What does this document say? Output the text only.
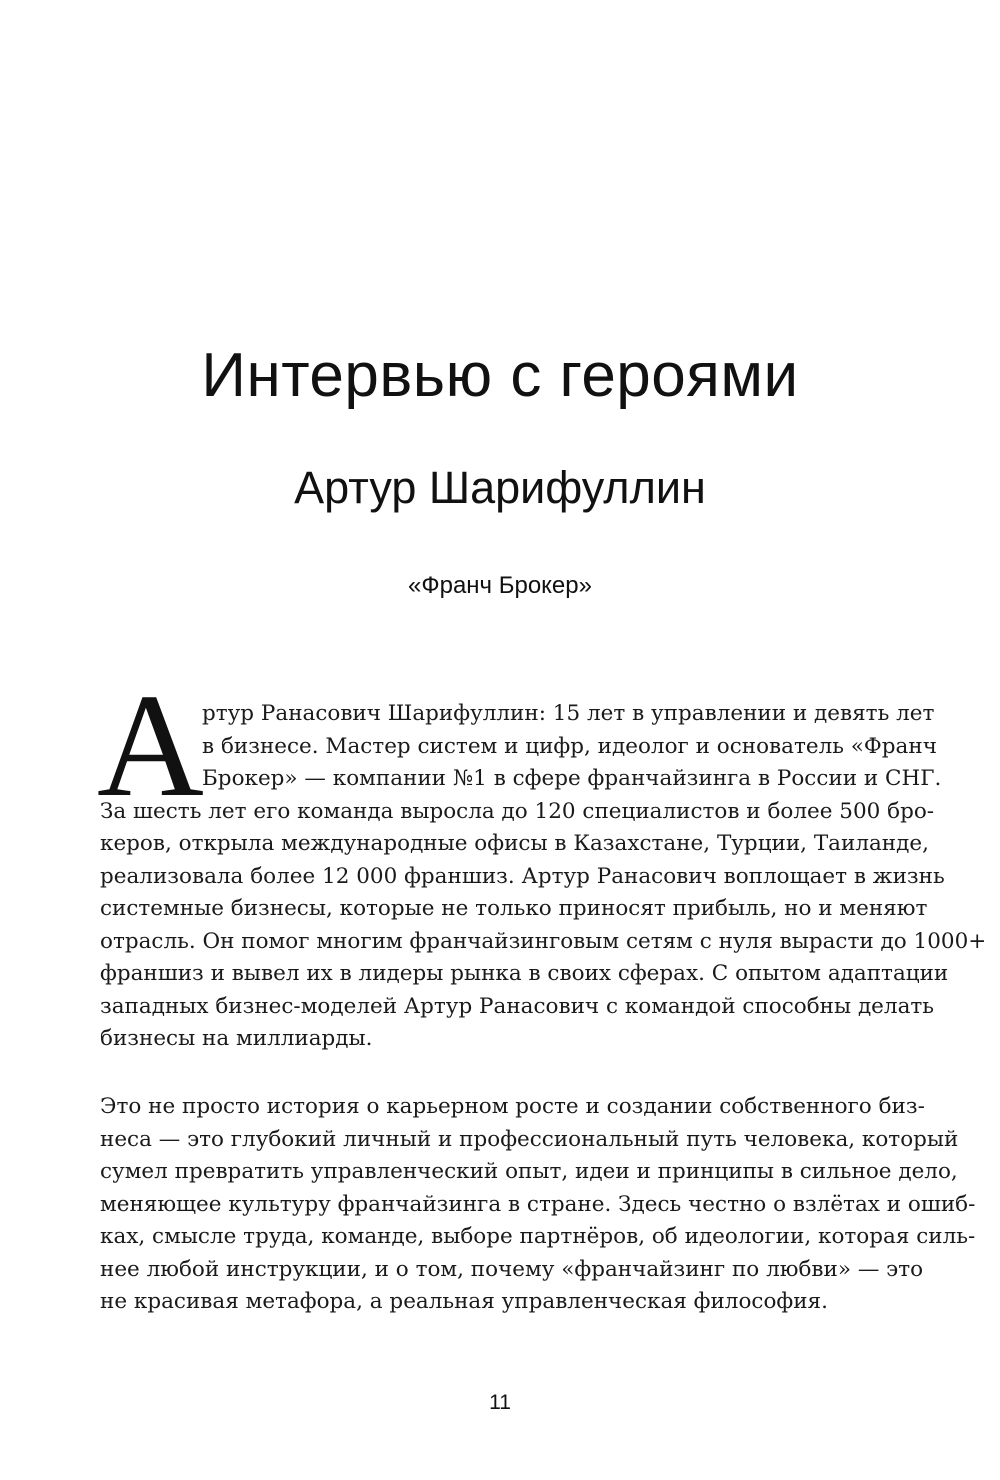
Интервью с героями
Артур Шарифуллин
«Франч Брокер»
А
ртур Ранасович Шарифуллин: 15 лет в управлении и девять лет
в бизнесе. Мастер систем и цифр, идеолог и основатель «Франч
Брокер» — компании №1 в сфере франчайзинга в России и СНГ.
За шесть лет его команда выросла до 120 специалистов и более 500 бро-
керов, открыла международные офисы в Казахстане, Турции, Таиланде,
реализовала более 12 000 франшиз. Артур Ранасович воплощает в жизнь
системные бизнесы, которые не только приносят прибыль, но и меняют
отрасль. Он помог многим франчайзинговым сетям с нуля вырасти до 1000+
франшиз и вывел их в лидеры рынка в своих сферах. С опытом адаптации
западных бизнес-моделей Артур Ранасович с командой способны делать
бизнесы на миллиарды.
Это не просто история о карьерном росте и создании собственного биз-
неса — это глубокий личный и профессиональный путь человека, который
сумел превратить управленческий опыт, идеи и принципы в сильное дело,
меняющее культуру франчайзинга в стране. Здесь честно о взлётах и ошиб-
ках, смысле труда, команде, выборе партнёров, об идеологии, которая силь-
нее любой инструкции, и о том, почему «франчайзинг по любви» — это
не красивая метафора, а реальная управленческая философия.
11
